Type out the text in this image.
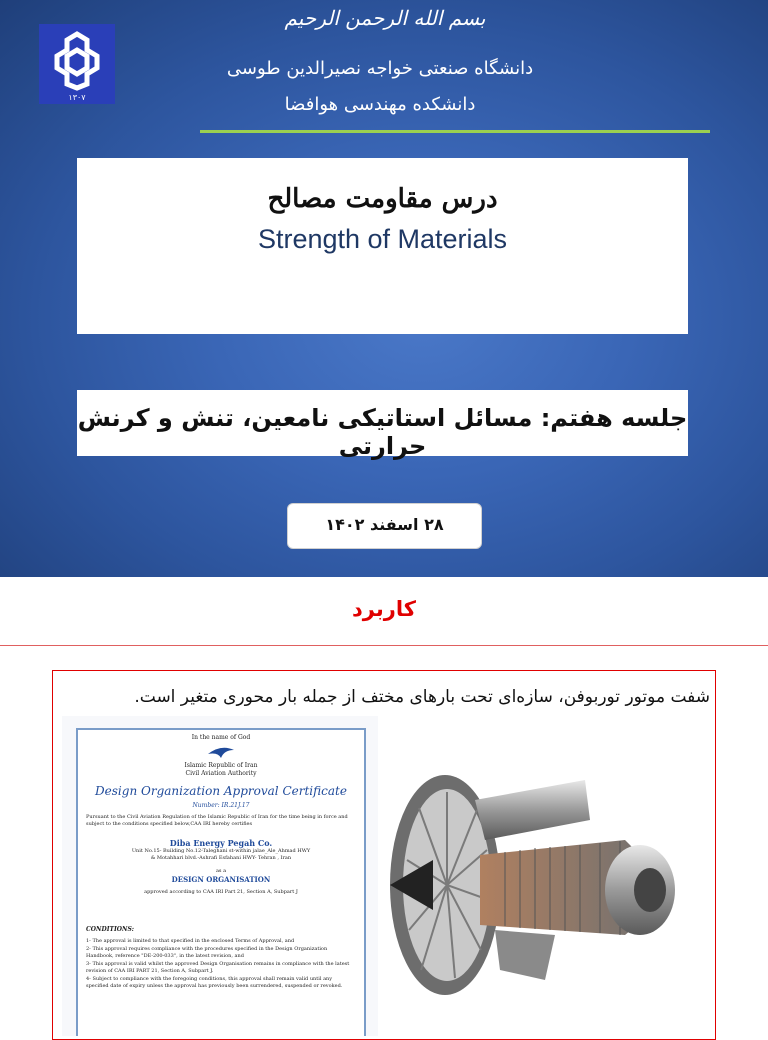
۱۳۰۷
بسم الله الرحمن الرحیم
دانشگاه صنعتی خواجه نصیرالدین طوسی
دانشکده مهندسی هوافضا
درس مقاومت مصالح
Strength of Materials
جلسه هفتم: مسائل استاتیکی نامعین، تنش و کرنش حرارتی
۲۸ اسفند ۱۴۰۲
کاربرد
شفت موتور توربوفن، سازه‌ای تحت بارهای مختف از جمله بار محوری متغیر است.
In the name of God
Islamic Republic of Iran
Civil Aviation Authority
Design Organization Approval Certificate
Number: IR.21J.17
Pursuant to the Civil Aviation Regulation of the Islamic Republic of Iran for the time being in force and subject to the conditions specified below,CAA IRI hereby certifies
Diba Energy Pegah Co.
Unit No.15- Building No.12-Taleghani st-within jalae_Ale_Ahmad HWY
& Motahhari blvd.-Ashrafi Esfahani HWY- Tehran , Iran
as a
DESIGN ORGANISATION
approved according to CAA IRI Part 21, Section A, Subpart J
CONDITIONS:
1- The approval is limited to that specified in the enclosed Terms of Approval, and
2- This approval requires compliance with the procedures specified in the Design Organization Handbook, reference "DE-200-033", in the latest revision, and
3- This approval is valid whilst the approved Design Organisation remains in compliance with the latest revision of CAA IRI PART 21, Section A, Subpart J.
4- Subject to compliance with the foregoing conditions, this approval shall remain valid until any specified date of expiry unless the approval has previously been surrendered, suspended or revoked.
